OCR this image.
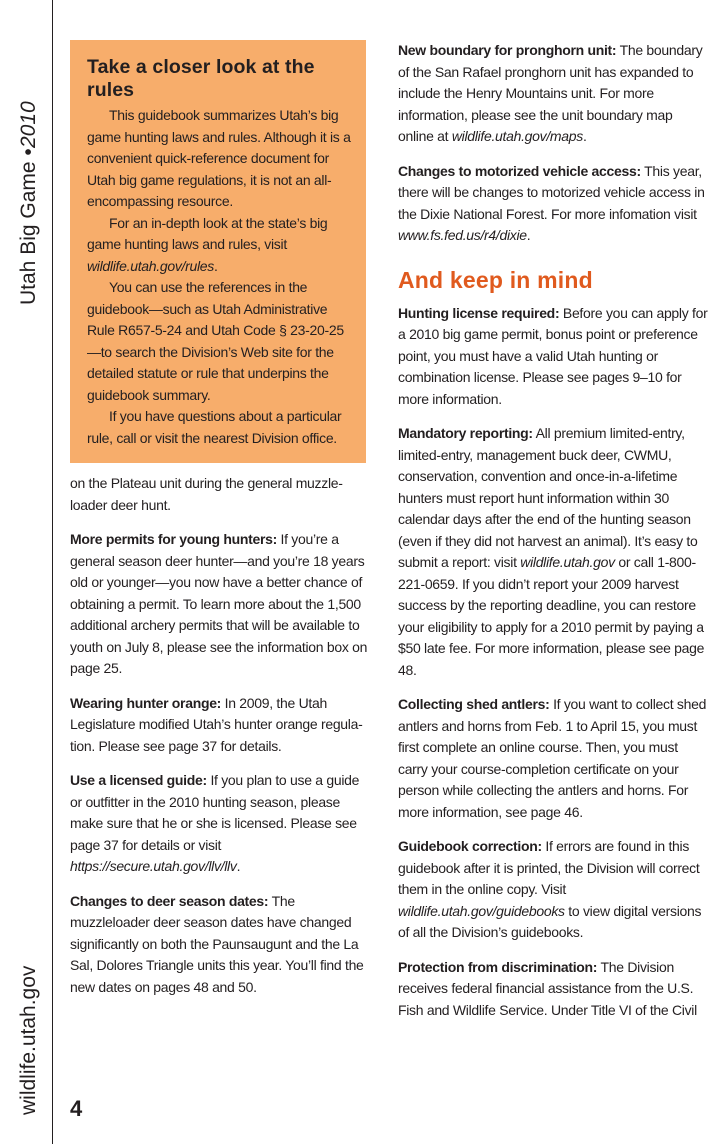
Utah Big Game •
2010
wildlife.utah.gov
Take a closer look at the rules

This guidebook summarizes Utah’s big game hunting laws and rules. Although it is a convenient quick-reference document for Utah big game regulations, it is not an all-encompassing resource.

For an in-depth look at the state’s big game hunting laws and rules, visit wildlife.utah.gov/rules.

You can use the references in the guidebook—such as Utah Administrative Rule R657-5-24 and Utah Code § 23-20-25—to search the Division’s Web site for the detailed statute or rule that underpins the guidebook summary.

If you have questions about a particular rule, call or visit the nearest Division office.

on the Plateau unit during the general muzzleloader deer hunt.

More permits for young hunters: If you’re a general season deer hunter—and you’re 18 years old or younger—you now have a better chance of obtaining a permit. To learn more about the 1,500 additional archery permits that will be available to youth on July 8, please see the information box on page 25.

Wearing hunter orange: In 2009, the Utah Legislature modified Utah’s hunter orange regulation. Please see page 37 for details.

Use a licensed guide: If you plan to use a guide or outfitter in the 2010 hunting season, please make sure that he or she is licensed. Please see page 37 for details or visit https://secure.utah.gov/llv/llv.

Changes to deer season dates: The muzzleloader deer season dates have changed significantly on both the Paunsaugunt and the La Sal, Dolores Triangle units this year. You’ll find the new dates on pages 48 and 50.

New boundary for pronghorn unit: The boundary of the San Rafael pronghorn unit has expanded to include the Henry Mountains unit. For more information, please see the unit boundary map online at wildlife.utah.gov/maps.

Changes to motorized vehicle access: This year, there will be changes to motorized vehicle access in the Dixie National Forest. For more infomation visit www.fs.fed.us/r4/dixie.

And keep in mind

Hunting license required: Before you can apply for a 2010 big game permit, bonus point or preference point, you must have a valid Utah hunting or combination license. Please see pages 9–10 for more information.

Mandatory reporting: All premium limited-entry, limited-entry, management buck deer, CWMU, conservation, convention and once-in-a-lifetime hunters must report hunt information within 30 calendar days after the end of the hunting season (even if they did not harvest an animal). It’s easy to submit a report: visit wildlife.utah.gov or call 1-800-221-0659. If you didn’t report your 2009 harvest success by the reporting deadline, you can restore your eligibility to apply for a 2010 permit by paying a $50 late fee. For more information, please see page 48.

Collecting shed antlers: If you want to collect shed antlers and horns from Feb. 1 to April 15, you must first complete an online course. Then, you must carry your course-completion certificate on your person while collecting the antlers and horns. For more information, see page 46.

Guidebook correction: If errors are found in this guidebook after it is printed, the Division will correct them in the online copy. Visit wildlife.utah.gov/guidebooks to view digital versions of all the Division’s guidebooks.

Protection from discrimination: The Division receives federal financial assistance from the U.S. Fish and Wildlife Service. Under Title VI of the Civil

4
